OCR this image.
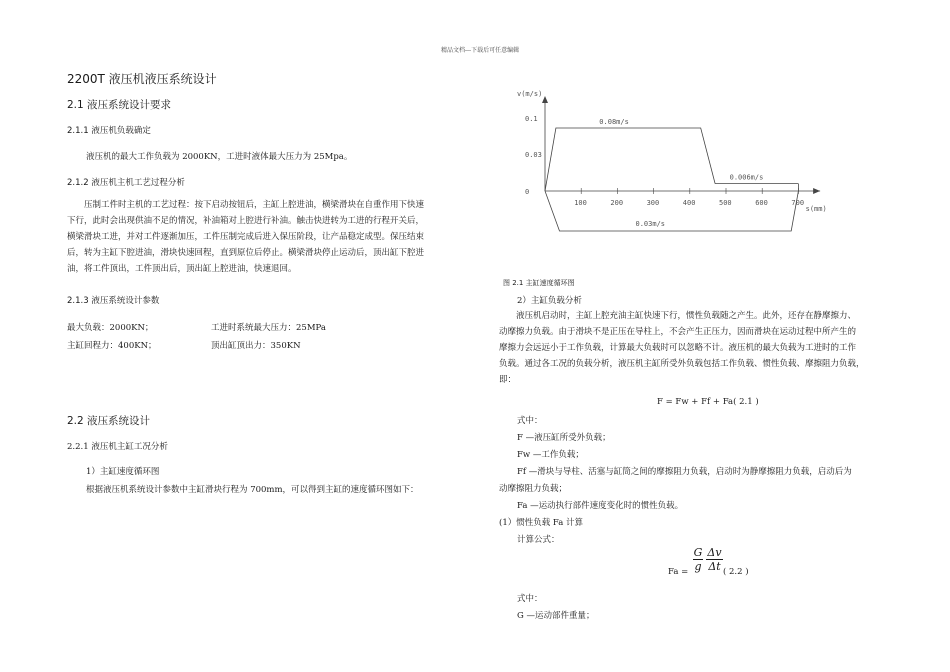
精品文档---下载后可任意编辑
2200T 液压机液压系统设计
2.1 液压系统设计要求
2.1.1 液压机负载确定
液压机的最大工作负载为 2000KN，工进时液体最大压力为 25Mpa。
2.1.2 液压机主机工艺过程分析
压制工件时主机的工艺过程：按下启动按钮后，主缸上腔进油，横梁滑块在自重作用下快速
下行，此时会出现供油不足的情况，补油箱对上腔进行补油。触击快进转为工进的行程开关后，
横梁滑块工进，并对工件逐渐加压，工件压制完成后进入保压阶段，让产品稳定成型。保压结束
后，转为主缸下腔进油，滑块快速回程，直到原位后停止。横梁滑块停止运动后，顶出缸下腔进
油，将工件顶出，工件顶出后，顶出缸上腔进油，快速退回。
2.1.3 液压系统设计参数
最大负载：2000KN；	工进时系统最大压力：25MPa
主缸回程力：400KN；	顶出缸顶出力：350KN
2.2 液压系统设计
2.2.1 液压机主缸工况分析
1）主缸速度循环图
根据液压机系统设计参数中主缸滑块行程为 700mm，可以得到主缸的速度循环图如下：
v(m/s)
s(mm)
0.1
0.03
0
100	200	300	400	500	600	700
0.08m/s
0.006m/s
0.03m/s
图 2.1 主缸速度循环图
2）主缸负载分析
液压机启动时，主缸上腔充油主缸快速下行，惯性负载随之产生。此外，还存在静摩擦力、
动摩擦力负载。由于滑块不是正压在导柱上，不会产生正压力，因而滑块在运动过程中所产生的
摩擦力会远远小于工作负载，计算最大负载时可以忽略不计。液压机的最大负载为工进时的工作
负载。通过各工况的负载分析，液压机主缸所受外负载包括工作负载、惯性负载、摩擦阻力负载，
即：
F = Fw + Ff + Fa( 2.1 )
式中：
F —液压缸所受外负载；
Fw —工作负载；
Ff —滑块与导柱、活塞与缸筒之间的摩擦阻力负载，启动时为静摩擦阻力负载，启动后为
动摩擦阻力负载；
Fa —运动执行部件速度变化时的惯性负载。
(1）惯性负载 Fa 计算
计算公式：
$Fa = \frac{G}{g} \frac{\Delta v}{\Delta t}$ ( 2.2 )
式中：
G —运动部件重量；
